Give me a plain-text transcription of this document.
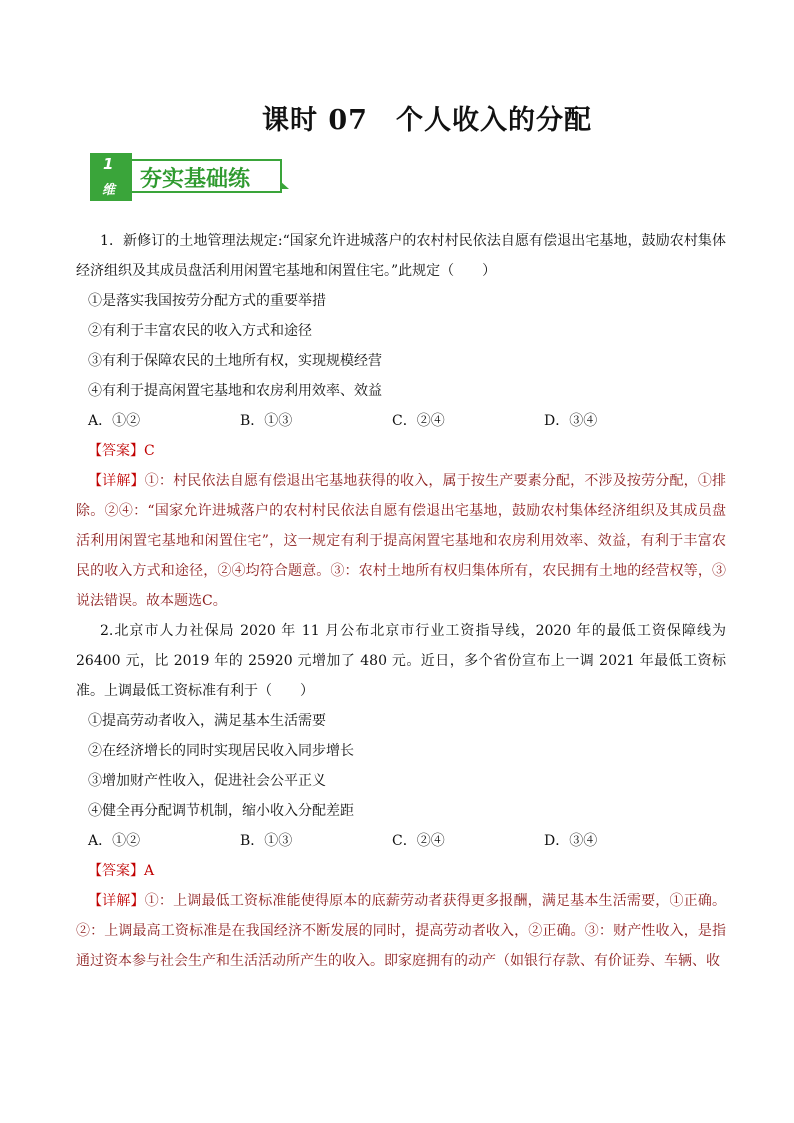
课时 07　个人收入的分配
1
维 夯实基础练

1．新修订的土地管理法规定:“国家允许进城落户的农村村民依法自愿有偿退出宅基地，鼓励农村集体经济组织及其成员盘活利用闲置宅基地和闲置住宅。”此规定（　　）

①是落实我国按劳分配方式的重要举措

②有利于丰富农民的收入方式和途径

③有利于保障农民的土地所有权，实现规模经营

④有利于提高闲置宅基地和农房利用效率、效益

A．①②	B．①③	C．②④	D．③④

【答案】C

【详解】①：村民依法自愿有偿退出宅基地获得的收入，属于按生产要素分配，不涉及按劳分配，①排除。②④：“国家允许进城落户的农村村民依法自愿有偿退出宅基地，鼓励农村集体经济组织及其成员盘活利用闲置宅基地和闲置住宅”，这一规定有利于提高闲置宅基地和农房利用效率、效益，有利于丰富农民的收入方式和途径，②④均符合题意。③：农村土地所有权归集体所有，农民拥有土地的经营权等，③说法错误。故本题选C。

2.北京市人力社保局 2020 年 11 月公布北京市行业工资指导线，2020 年的最低工资保障线为 26400 元，比 2019 年的 25920 元增加了 480 元。近日，多个省份宣布上一调 2021 年最低工资标准。上调最低工资标准有利于（　　）

①提高劳动者收入，满足基本生活需要

②在经济增长的同时实现居民收入同步增长

③增加财产性收入，促进社会公平正义

④健全再分配调节机制，缩小收入分配差距

A．①②	B．①③	C．②④	D．③④

【答案】A

【详解】①：上调最低工资标准能使得原本的底薪劳动者获得更多报酬，满足基本生活需要，①正确。②：上调最高工资标准是在我国经济不断发展的同时，提高劳动者收入，②正确。③：财产性收入，是指通过资本参与社会生产和生活活动所产生的收入。即家庭拥有的动产（如银行存款、有价证券、车辆、收
